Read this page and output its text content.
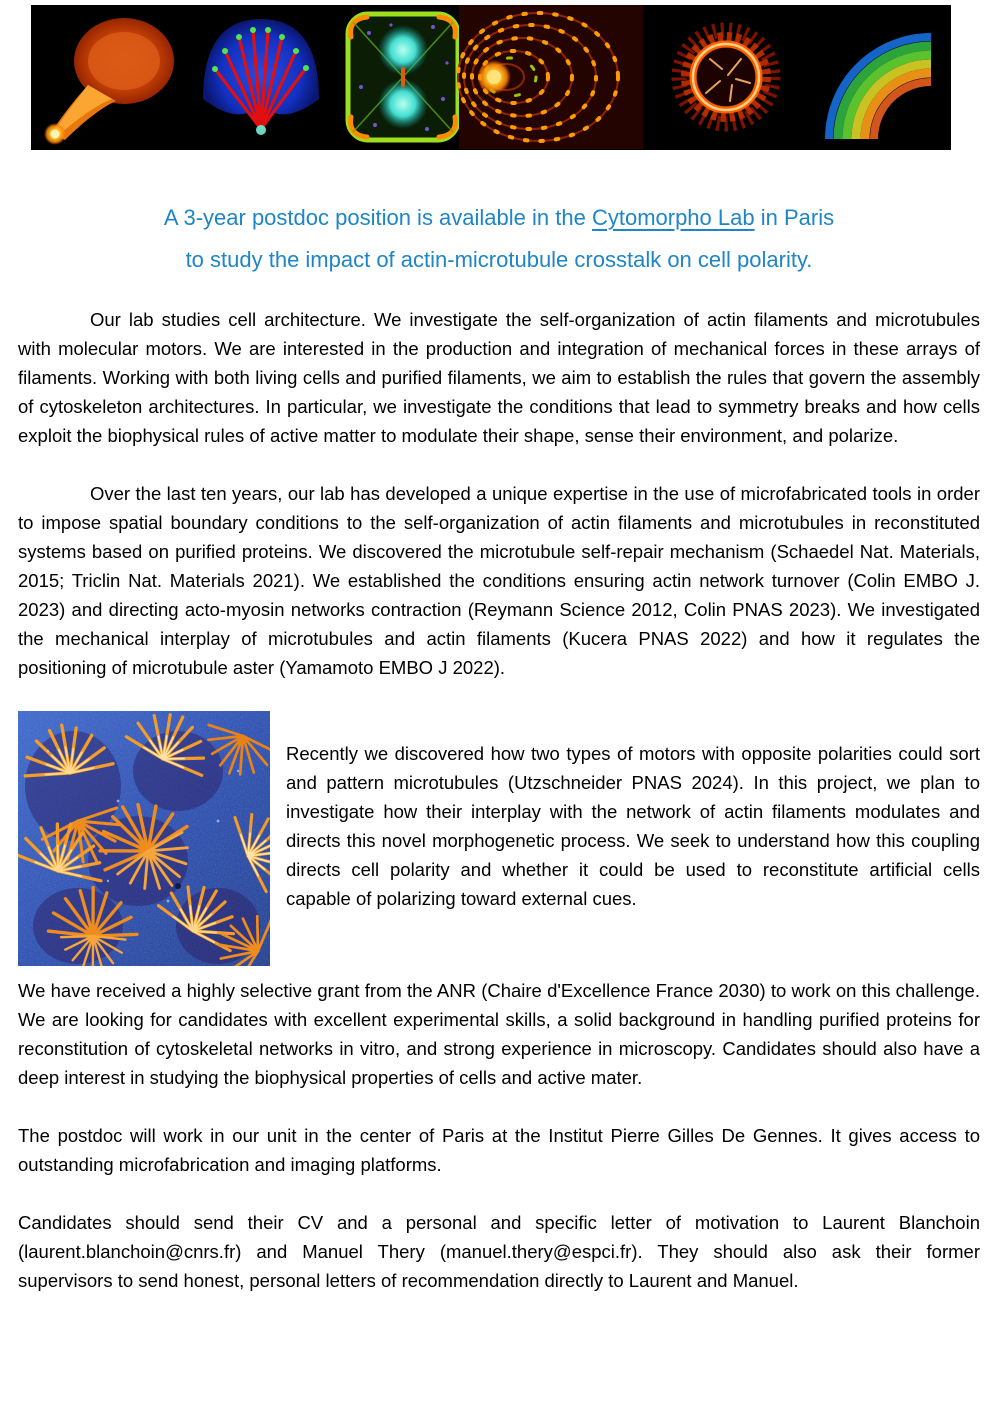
A 3-year postdoc position is available in the Cytomorpho Lab in Paris
to study the impact of actin-microtubule crosstalk on cell polarity.

Our lab studies cell architecture. We investigate the self-organization of actin filaments and microtubules with molecular motors. We are interested in the production and integration of mechanical forces in these arrays of filaments. Working with both living cells and purified filaments, we aim to establish the rules that govern the assembly of cytoskeleton architectures. In particular, we investigate the conditions that lead to symmetry breaks and how cells exploit the biophysical rules of active matter to modulate their shape, sense their environment, and polarize.

Over the last ten years, our lab has developed a unique expertise in the use of microfabricated tools in order to impose spatial boundary conditions to the self-organization of actin filaments and microtubules in reconstituted systems based on purified proteins. We discovered the microtubule self-repair mechanism (Schaedel Nat. Materials, 2015; Triclin Nat. Materials 2021). We established the conditions ensuring actin network turnover (Colin EMBO J. 2023) and directing acto-myosin networks contraction (Reymann Science 2012, Colin PNAS 2023). We investigated the mechanical interplay of microtubules and actin filaments (Kucera PNAS 2022) and how it regulates the positioning of microtubule aster (Yamamoto EMBO J 2022).

Recently we discovered how two types of motors with opposite polarities could sort and pattern microtubules (Utzschneider PNAS 2024). In this project, we plan to investigate how their interplay with the network of actin filaments modulates and directs this novel morphogenetic process. We seek to understand how this coupling directs cell polarity and whether it could be used to reconstitute artificial cells capable of polarizing toward external cues.

We have received a highly selective grant from the ANR (Chaire d'Excellence France 2030) to work on this challenge. We are looking for candidates with excellent experimental skills, a solid background in handling purified proteins for reconstitution of cytoskeletal networks in vitro, and strong experience in microscopy. Candidates should also have a deep interest in studying the biophysical properties of cells and active mater.

The postdoc will work in our unit in the center of Paris at the Institut Pierre Gilles De Gennes. It gives access to outstanding microfabrication and imaging platforms.

Candidates should send their CV and a personal and specific letter of motivation to Laurent Blanchoin (laurent.blanchoin@cnrs.fr) and Manuel Thery (manuel.thery@espci.fr). They should also ask their former supervisors to send honest, personal letters of recommendation directly to Laurent and Manuel.
